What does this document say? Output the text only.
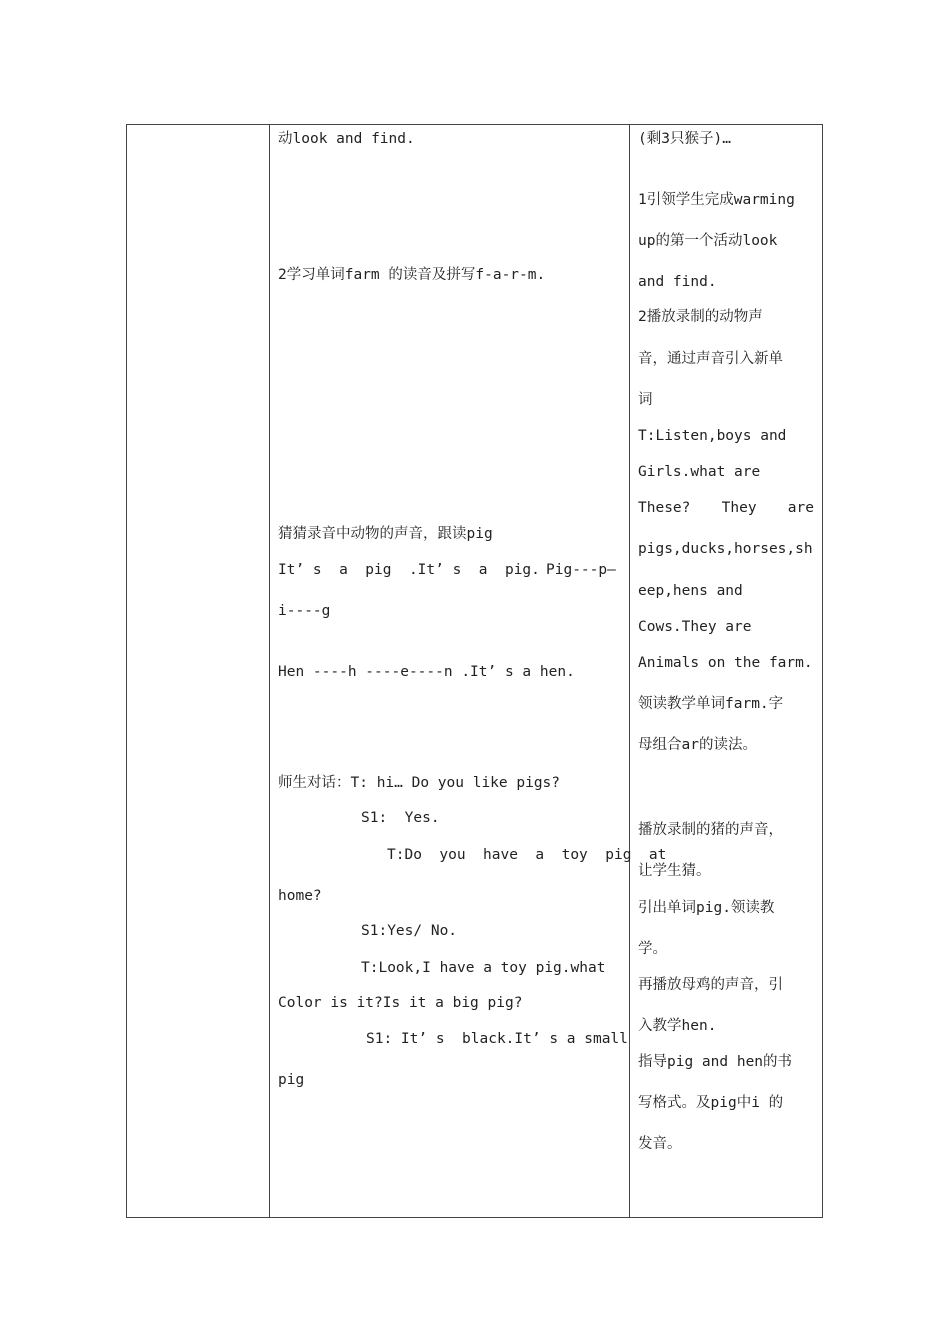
动look and find.
2学习单词farm 的读音及拼写f-a-r-m.
猜猜录音中动物的声音，跟读pig
It’ s  a  pig  .It’ s  a  pig. Pig---p—
i----g
Hen ----h ----e----n .It’ s a hen.
师生对话：T: hi… Do you like pigs?
S1:  Yes.
T:Do  you  have  a  toy  pig  at
home?
S1:Yes/ No.
T:Look,I have a toy pig.what
Color is it?Is it a big pig?
S1: It’ s  black.It’ s a small
pig
(剩3只猴子)…
1引领学生完成warming
up的第一个活动look
and find.
2播放录制的动物声
音，通过声音引入新单
词
T:Listen,boys and
Girls.what are
These? They are
pigs,ducks,horses,sh
eep,hens and
Cows.They are
Animals on the farm.
领读教学单词farm.字
母组合ar的读法。
播放录制的猪的声音，
让学生猜。
引出单词pig.领读教
学。
再播放母鸡的声音，引
入教学hen.
指导pig and hen的书
写格式。及pig中i 的
发音。
